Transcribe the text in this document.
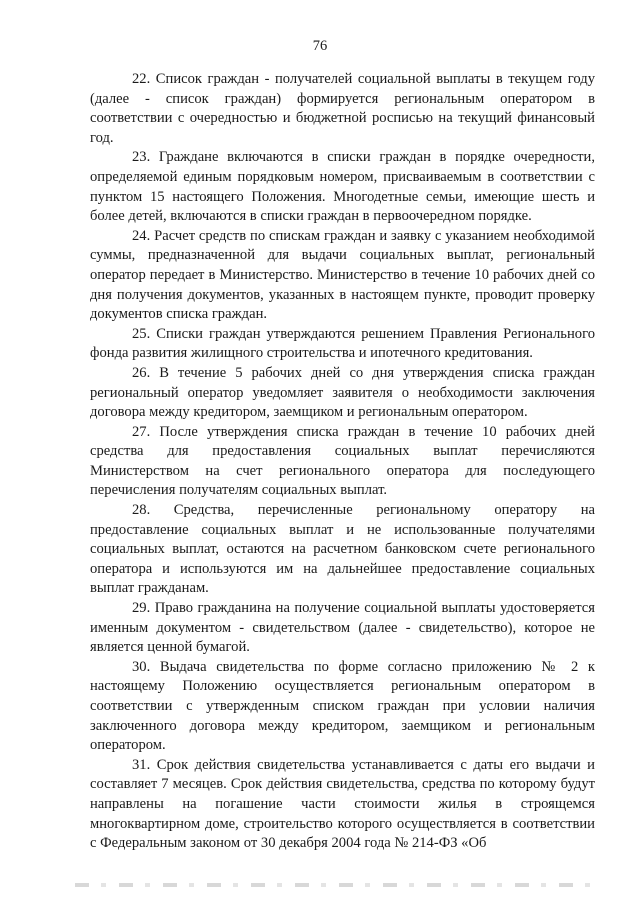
76

22. Список граждан - получателей социальной выплаты в текущем году (далее - список граждан) формируется региональным оператором в соответствии с очередностью и бюджетной росписью на текущий финансовый год.

23. Граждане включаются в списки граждан в порядке очередности, определяемой единым порядковым номером, присваиваемым в соответствии с пунктом 15 настоящего Положения. Многодетные семьи, имеющие шесть и более детей, включаются в списки граждан в первоочередном порядке.

24. Расчет средств по спискам граждан и заявку с указанием необходимой суммы, предназначенной для выдачи социальных выплат, региональный оператор передает в Министерство. Министерство в течение 10 рабочих дней со дня получения документов, указанных в настоящем пункте, проводит проверку документов списка граждан.

25. Списки граждан утверждаются решением Правления Регионального фонда развития жилищного строительства и ипотечного кредитования.

26. В течение 5 рабочих дней со дня утверждения списка граждан региональный оператор уведомляет заявителя о необходимости заключения договора между кредитором, заемщиком и региональным оператором.

27. После утверждения списка граждан в течение 10 рабочих дней средства для предоставления социальных выплат перечисляются Министерством на счет регионального оператора для последующего перечисления получателям социальных выплат.

28. Средства, перечисленные региональному оператору на предоставление социальных выплат и не использованные получателями социальных выплат, остаются на расчетном банковском счете регионального оператора и используются им на дальнейшее предоставление социальных выплат гражданам.

29. Право гражданина на получение социальной выплаты удостоверяется именным документом - свидетельством (далее - свидетельство), которое не является ценной бумагой.

30. Выдача свидетельства по форме согласно приложению № 2 к настоящему Положению осуществляется региональным оператором в соответствии с утвержденным списком граждан при условии наличия заключенного договора между кредитором, заемщиком и региональным оператором.

31. Срок действия свидетельства устанавливается с даты его выдачи и составляет 7 месяцев. Срок действия свидетельства, средства по которому будут направлены на погашение части стоимости жилья в строящемся многоквартирном доме, строительство которого осуществляется в соответствии с Федеральным законом от 30 декабря 2004 года № 214-ФЗ «Об
